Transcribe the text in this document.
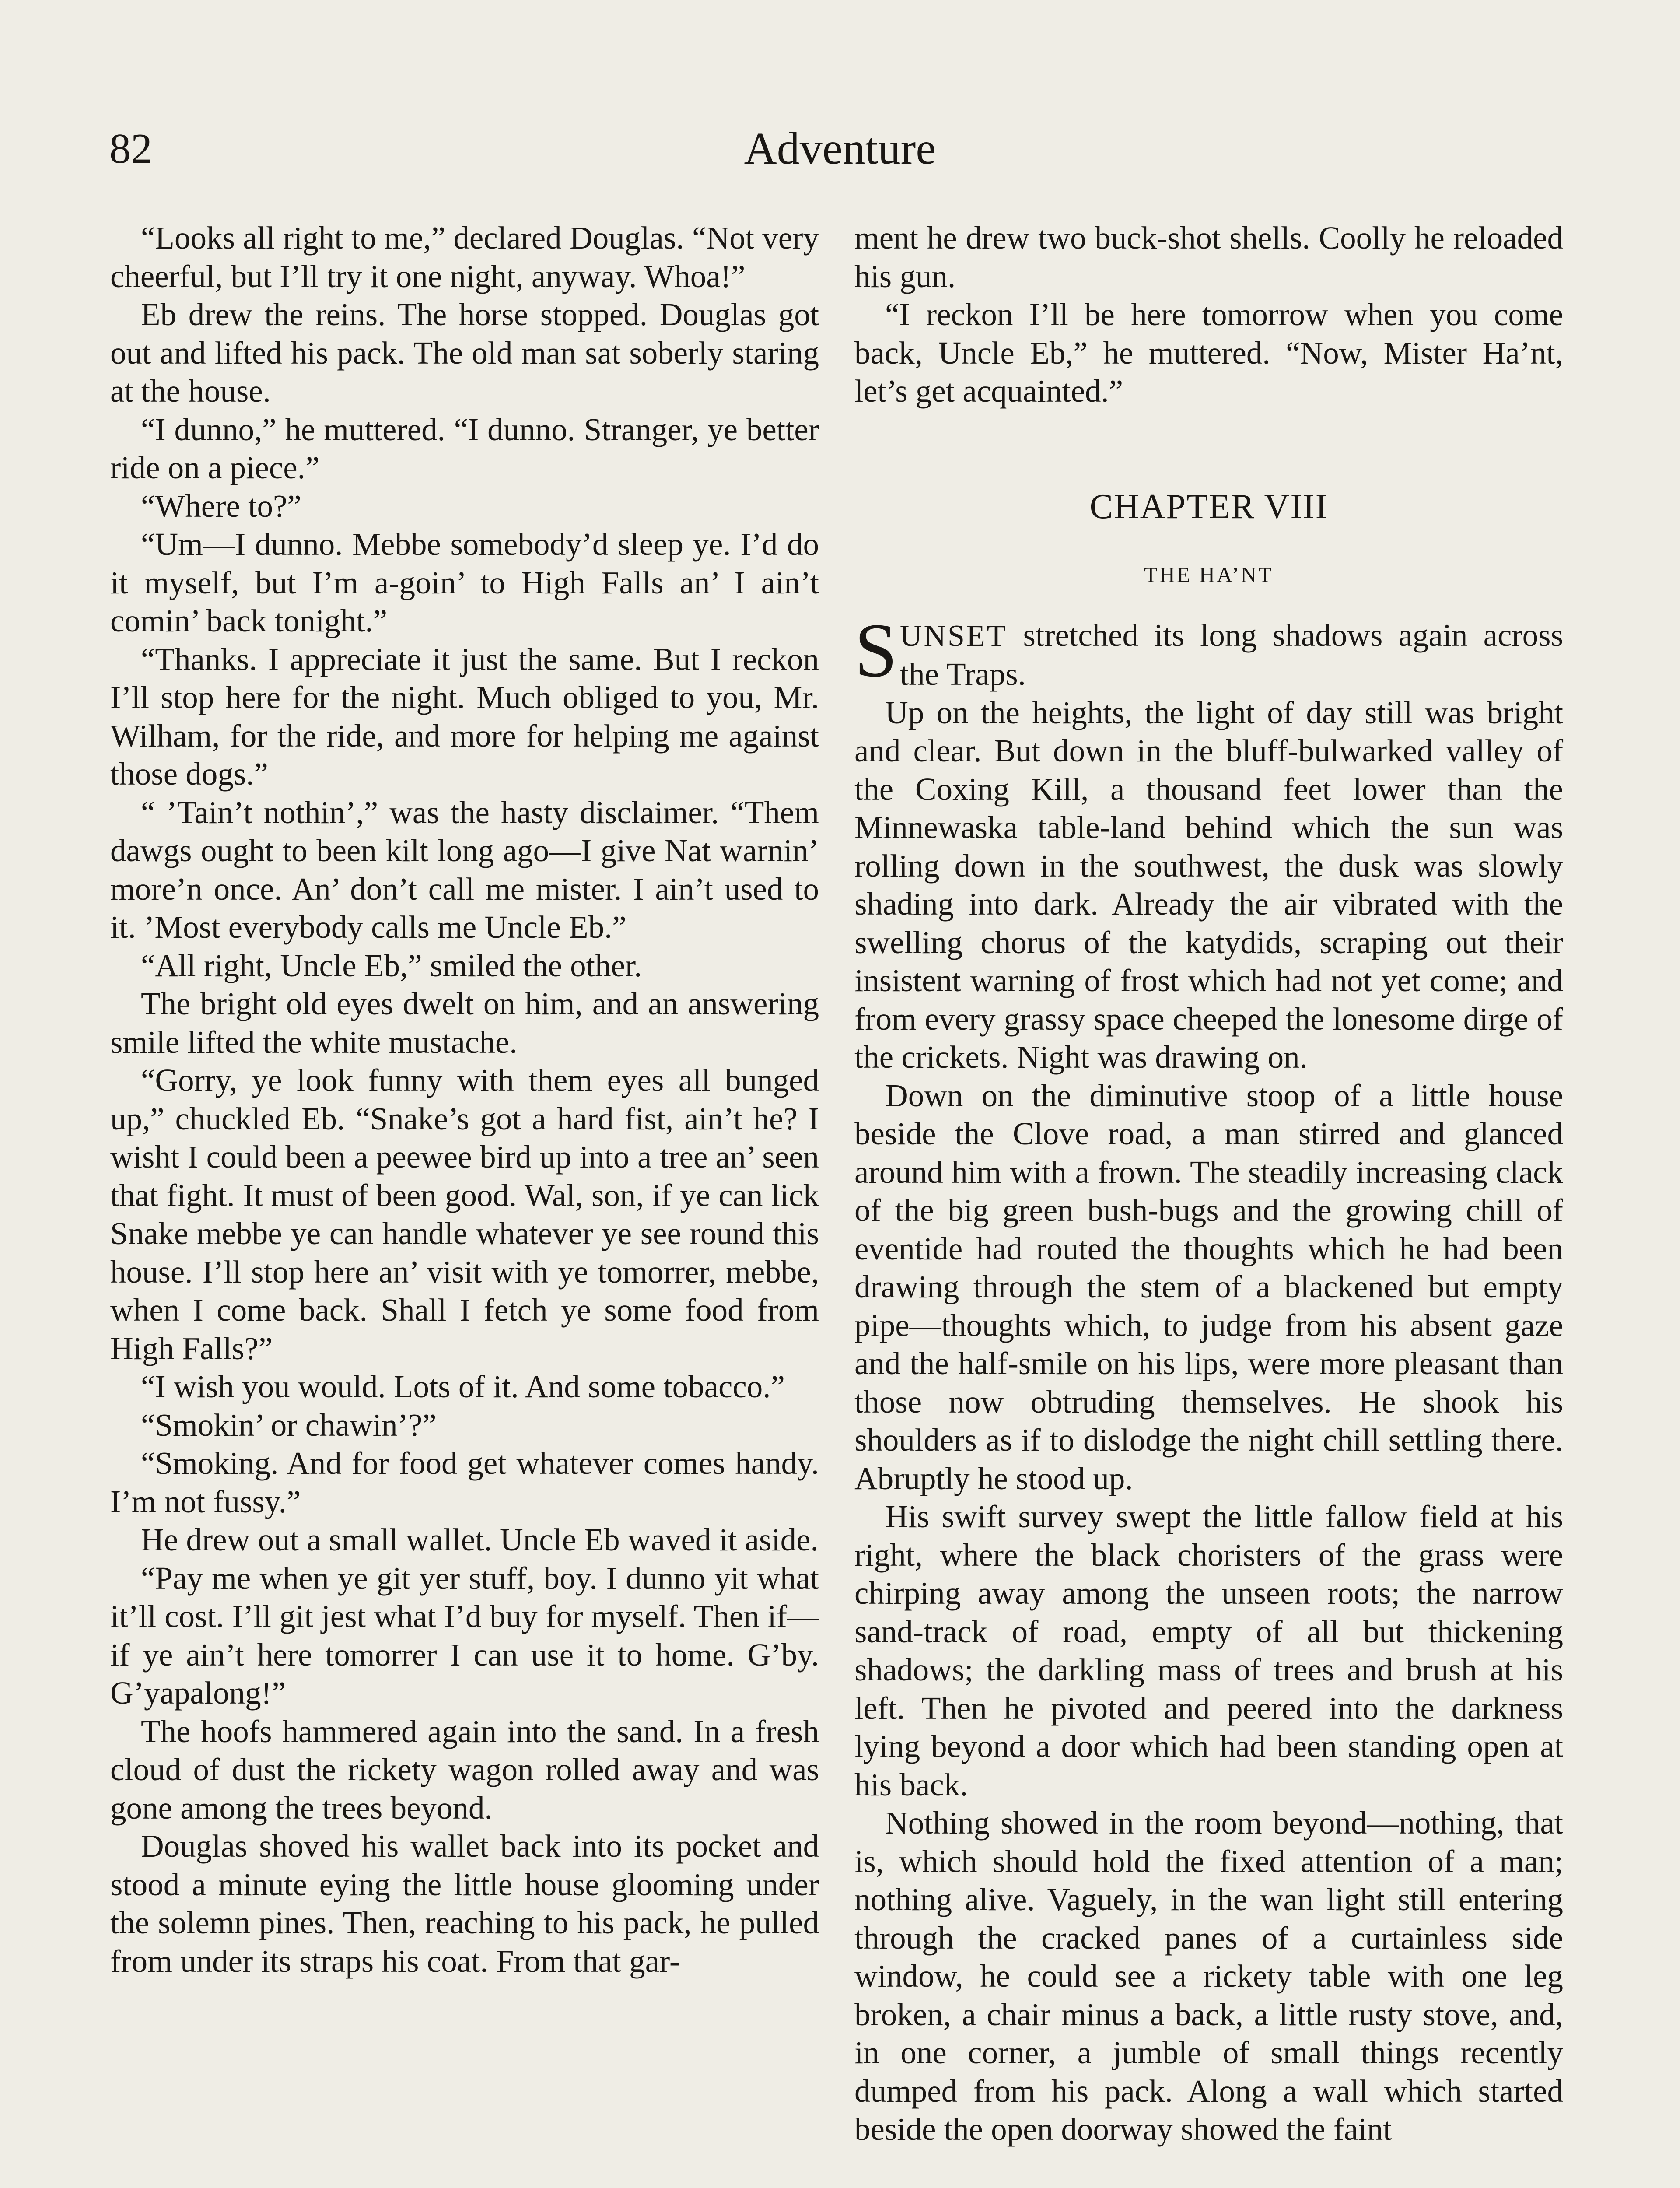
82	Adventure

“Looks all right to me,” declared Douglas. “Not very cheerful, but I’ll try it one night, anyway. Whoa!”

Eb drew the reins. The horse stopped. Douglas got out and lifted his pack. The old man sat soberly staring at the house.

“I dunno,” he muttered. “I dunno. Stranger, ye better ride on a piece.”

“Where to?”

“Um—I dunno. Mebbe somebody’d sleep ye. I’d do it myself, but I’m a-goin’ to High Falls an’ I ain’t comin’ back tonight.”

“Thanks. I appreciate it just the same. But I reckon I’ll stop here for the night. Much obliged to you, Mr. Wilham, for the ride, and more for helping me against those dogs.”

“ ’Tain’t nothin’,” was the hasty disclaimer. “Them dawgs ought to been kilt long ago—I give Nat warnin’ more’n once. An’ don’t call me mister. I ain’t used to it. ’Most everybody calls me Uncle Eb.”

“All right, Uncle Eb,” smiled the other.

The bright old eyes dwelt on him, and an answering smile lifted the white mustache.

“Gorry, ye look funny with them eyes all bunged up,” chuckled Eb. “Snake’s got a hard fist, ain’t he? I wisht I could been a peewee bird up into a tree an’ seen that fight. It must of been good. Wal, son, if ye can lick Snake mebbe ye can handle whatever ye see round this house. I’ll stop here an’ visit with ye tomorrer, mebbe, when I come back. Shall I fetch ye some food from High Falls?”

“I wish you would. Lots of it. And some tobacco.”

“Smokin’ or chawin’?”

“Smoking. And for food get whatever comes handy. I’m not fussy.”

He drew out a small wallet. Uncle Eb waved it aside.

“Pay me when ye git yer stuff, boy. I dunno yit what it’ll cost. I’ll git jest what I’d buy for myself. Then if—if ye ain’t here tomorrer I can use it to home. G’by. G’yapalong!”

The hoofs hammered again into the sand. In a fresh cloud of dust the rickety wagon rolled away and was gone among the trees beyond.

Douglas shoved his wallet back into its pocket and stood a minute eying the little house glooming under the solemn pines. Then, reaching to his pack, he pulled from under its straps his coat. From that gar-

ment he drew two buck-shot shells. Coolly he reloaded his gun.

“I reckon I’ll be here tomorrow when you come back, Uncle Eb,” he muttered. “Now, Mister Ha’nt, let’s get acquainted.”

CHAPTER VIII
THE HA’NT

SUNSET stretched its long shadows again across the Traps.

Up on the heights, the light of day still was bright and clear. But down in the bluff-bulwarked valley of the Coxing Kill, a thousand feet lower than the Minnewaska table-land behind which the sun was rolling down in the southwest, the dusk was slowly shading into dark. Already the air vibrated with the swelling chorus of the katydids, scraping out their insistent warning of frost which had not yet come; and from every grassy space cheeped the lonesome dirge of the crickets. Night was drawing on.

Down on the diminutive stoop of a little house beside the Clove road, a man stirred and glanced around him with a frown. The steadily increasing clack of the big green bush-bugs and the growing chill of eventide had routed the thoughts which he had been drawing through the stem of a blackened but empty pipe—thoughts which, to judge from his absent gaze and the half-smile on his lips, were more pleasant than those now obtruding themselves. He shook his shoulders as if to dislodge the night chill settling there. Abruptly he stood up.

His swift survey swept the little fallow field at his right, where the black choristers of the grass were chirping away among the unseen roots; the narrow sand-track of road, empty of all but thickening shadows; the darkling mass of trees and brush at his left. Then he pivoted and peered into the darkness lying beyond a door which had been standing open at his back.

Nothing showed in the room beyond—nothing, that is, which should hold the fixed attention of a man; nothing alive. Vaguely, in the wan light still entering through the cracked panes of a curtainless side window, he could see a rickety table with one leg broken, a chair minus a back, a little rusty stove, and, in one corner, a jumble of small things recently dumped from his pack. Along a wall which started beside the open doorway showed the faint
